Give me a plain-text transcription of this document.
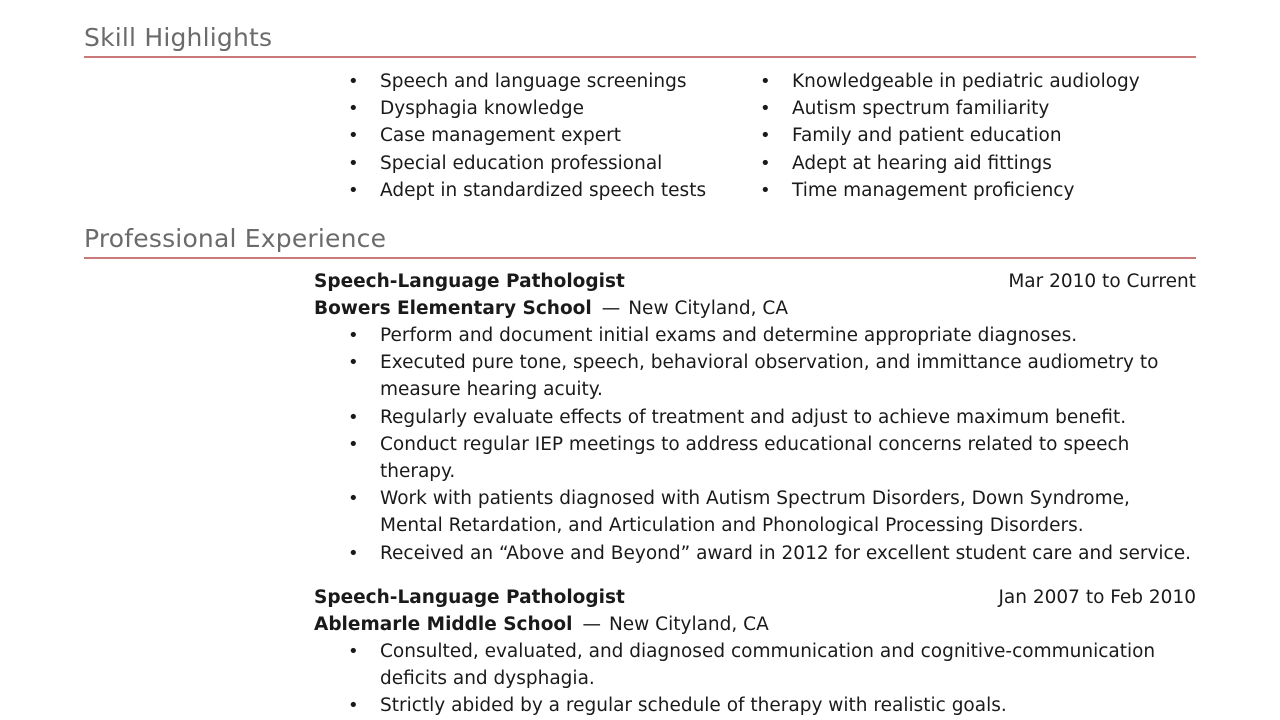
Skill Highlights
• Speech and language screenings
• Dysphagia knowledge
• Case management expert
• Special education professional
• Adept in standardized speech tests
• Knowledgeable in pediatric audiology
• Autism spectrum familiarity
• Family and patient education
• Adept at hearing aid fittings
• Time management proficiency
Professional Experience
Speech-Language Pathologist	Mar 2010 to Current
Bowers Elementary School — New Cityland, CA
• Perform and document initial exams and determine appropriate diagnoses.
• Executed pure tone, speech, behavioral observation, and immittance audiometry to measure hearing acuity.
• Regularly evaluate effects of treatment and adjust to achieve maximum benefit.
• Conduct regular IEP meetings to address educational concerns related to speech therapy.
• Work with patients diagnosed with Autism Spectrum Disorders, Down Syndrome, Mental Retardation, and Articulation and Phonological Processing Disorders.
• Received an “Above and Beyond” award in 2012 for excellent student care and service.
Speech-Language Pathologist	Jan 2007 to Feb 2010
Ablemarle Middle School — New Cityland, CA
• Consulted, evaluated, and diagnosed communication and cognitive-communication deficits and dysphagia.
• Strictly abided by a regular schedule of therapy with realistic goals.
